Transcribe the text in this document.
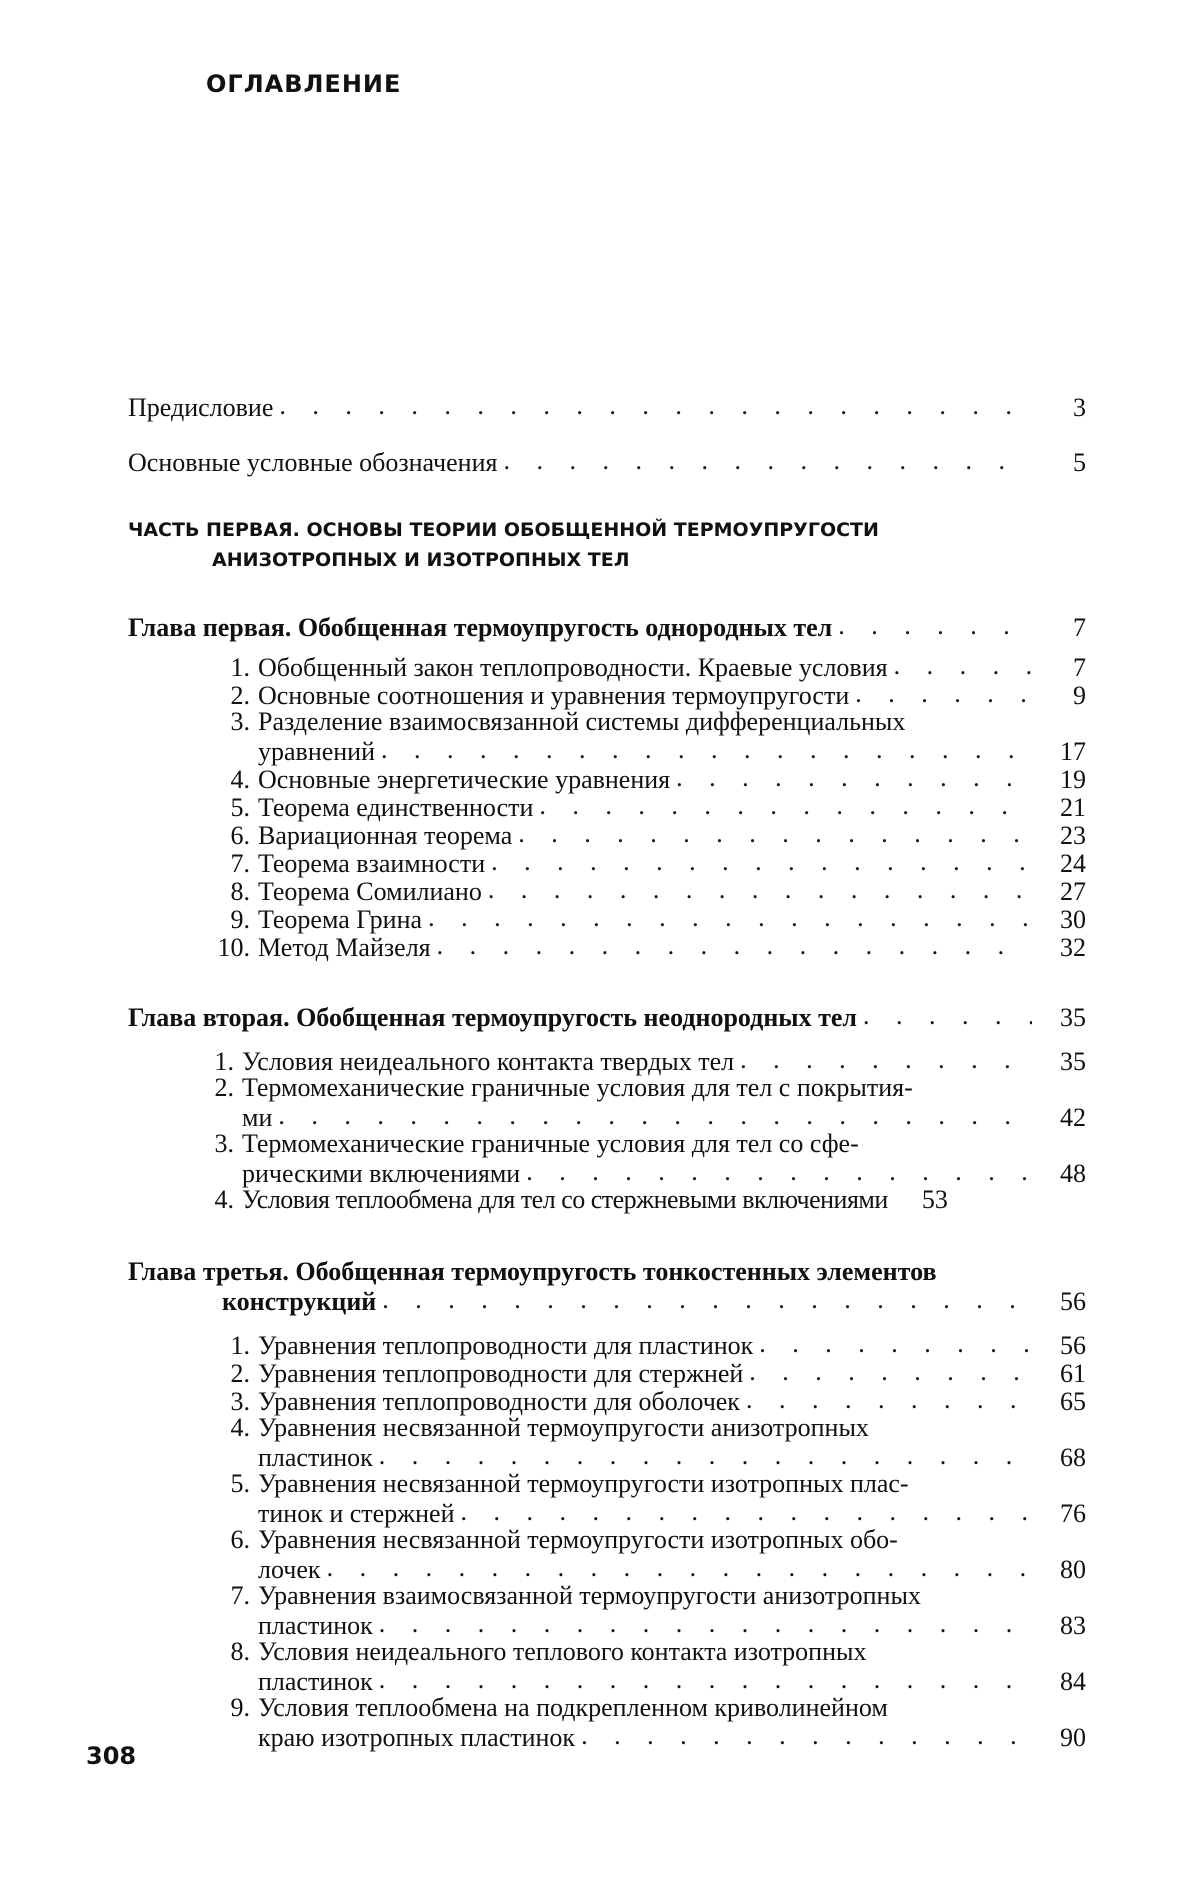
ОГЛАВЛЕНИЕ
Предисловие . . .	3
Основные условные обозначения . . .	5
ЧАСТЬ ПЕРВАЯ. ОСНОВЫ ТЕОРИИ ОБОБЩЕННОЙ ТЕРМОУПРУГОСТИ
АНИЗОТРОПНЫХ И ИЗОТРОПНЫХ ТЕЛ
Глава первая. Обобщенная термоупругость однородных тел . . .	7
1. Обобщенный закон теплопроводности. Краевые условия . . .	7
2. Основные соотношения и уравнения термоупругости . . .	9
3. Разделение взаимосвязанной системы дифференциальных
уравнений . . .	17
4. Основные энергетические уравнения . . .	19
5. Теорема единственности . . .	21
6. Вариационная теорема . . .	23
7. Теорема взаимности . . .	24
8. Теорема Сомилиано . . .	27
9. Теорема Грина . . .	30
10. Метод Майзеля . . .	32
Глава вторая. Обобщенная термоупругость неоднородных тел . . .	35
1. Условия неидеального контакта твердых тел . . .	35
2. Термомеханические граничные условия для тел с покрытия-
ми . . .	42
3. Термомеханические граничные условия для тел со сфе-
рическими включениями . . .	48
4. Условия теплообмена для тел со стержневыми включениями	53
Глава третья. Обобщенная термоупругость тонкостенных элементов
конструкций . . .	56
1. Уравнения теплопроводности для пластинок . . .	56
2. Уравнения теплопроводности для стержней . . .	61
3. Уравнения теплопроводности для оболочек . . .	65
4. Уравнения несвязанной термоупругости анизотропных
пластинок . . .	68
5. Уравнения несвязанной термоупругости изотропных плас-
тинок и стержней . . .	76
6. Уравнения несвязанной термоупругости изотропных обо-
лочек . . .	80
7. Уравнения взаимосвязанной термоупругости анизотропных
пластинок . . .	83
8. Условия неидеального теплового контакта изотропных
пластинок . . .	84
9. Условия теплообмена на подкрепленном криволинейном
краю изотропных пластинок . . .	90
308
